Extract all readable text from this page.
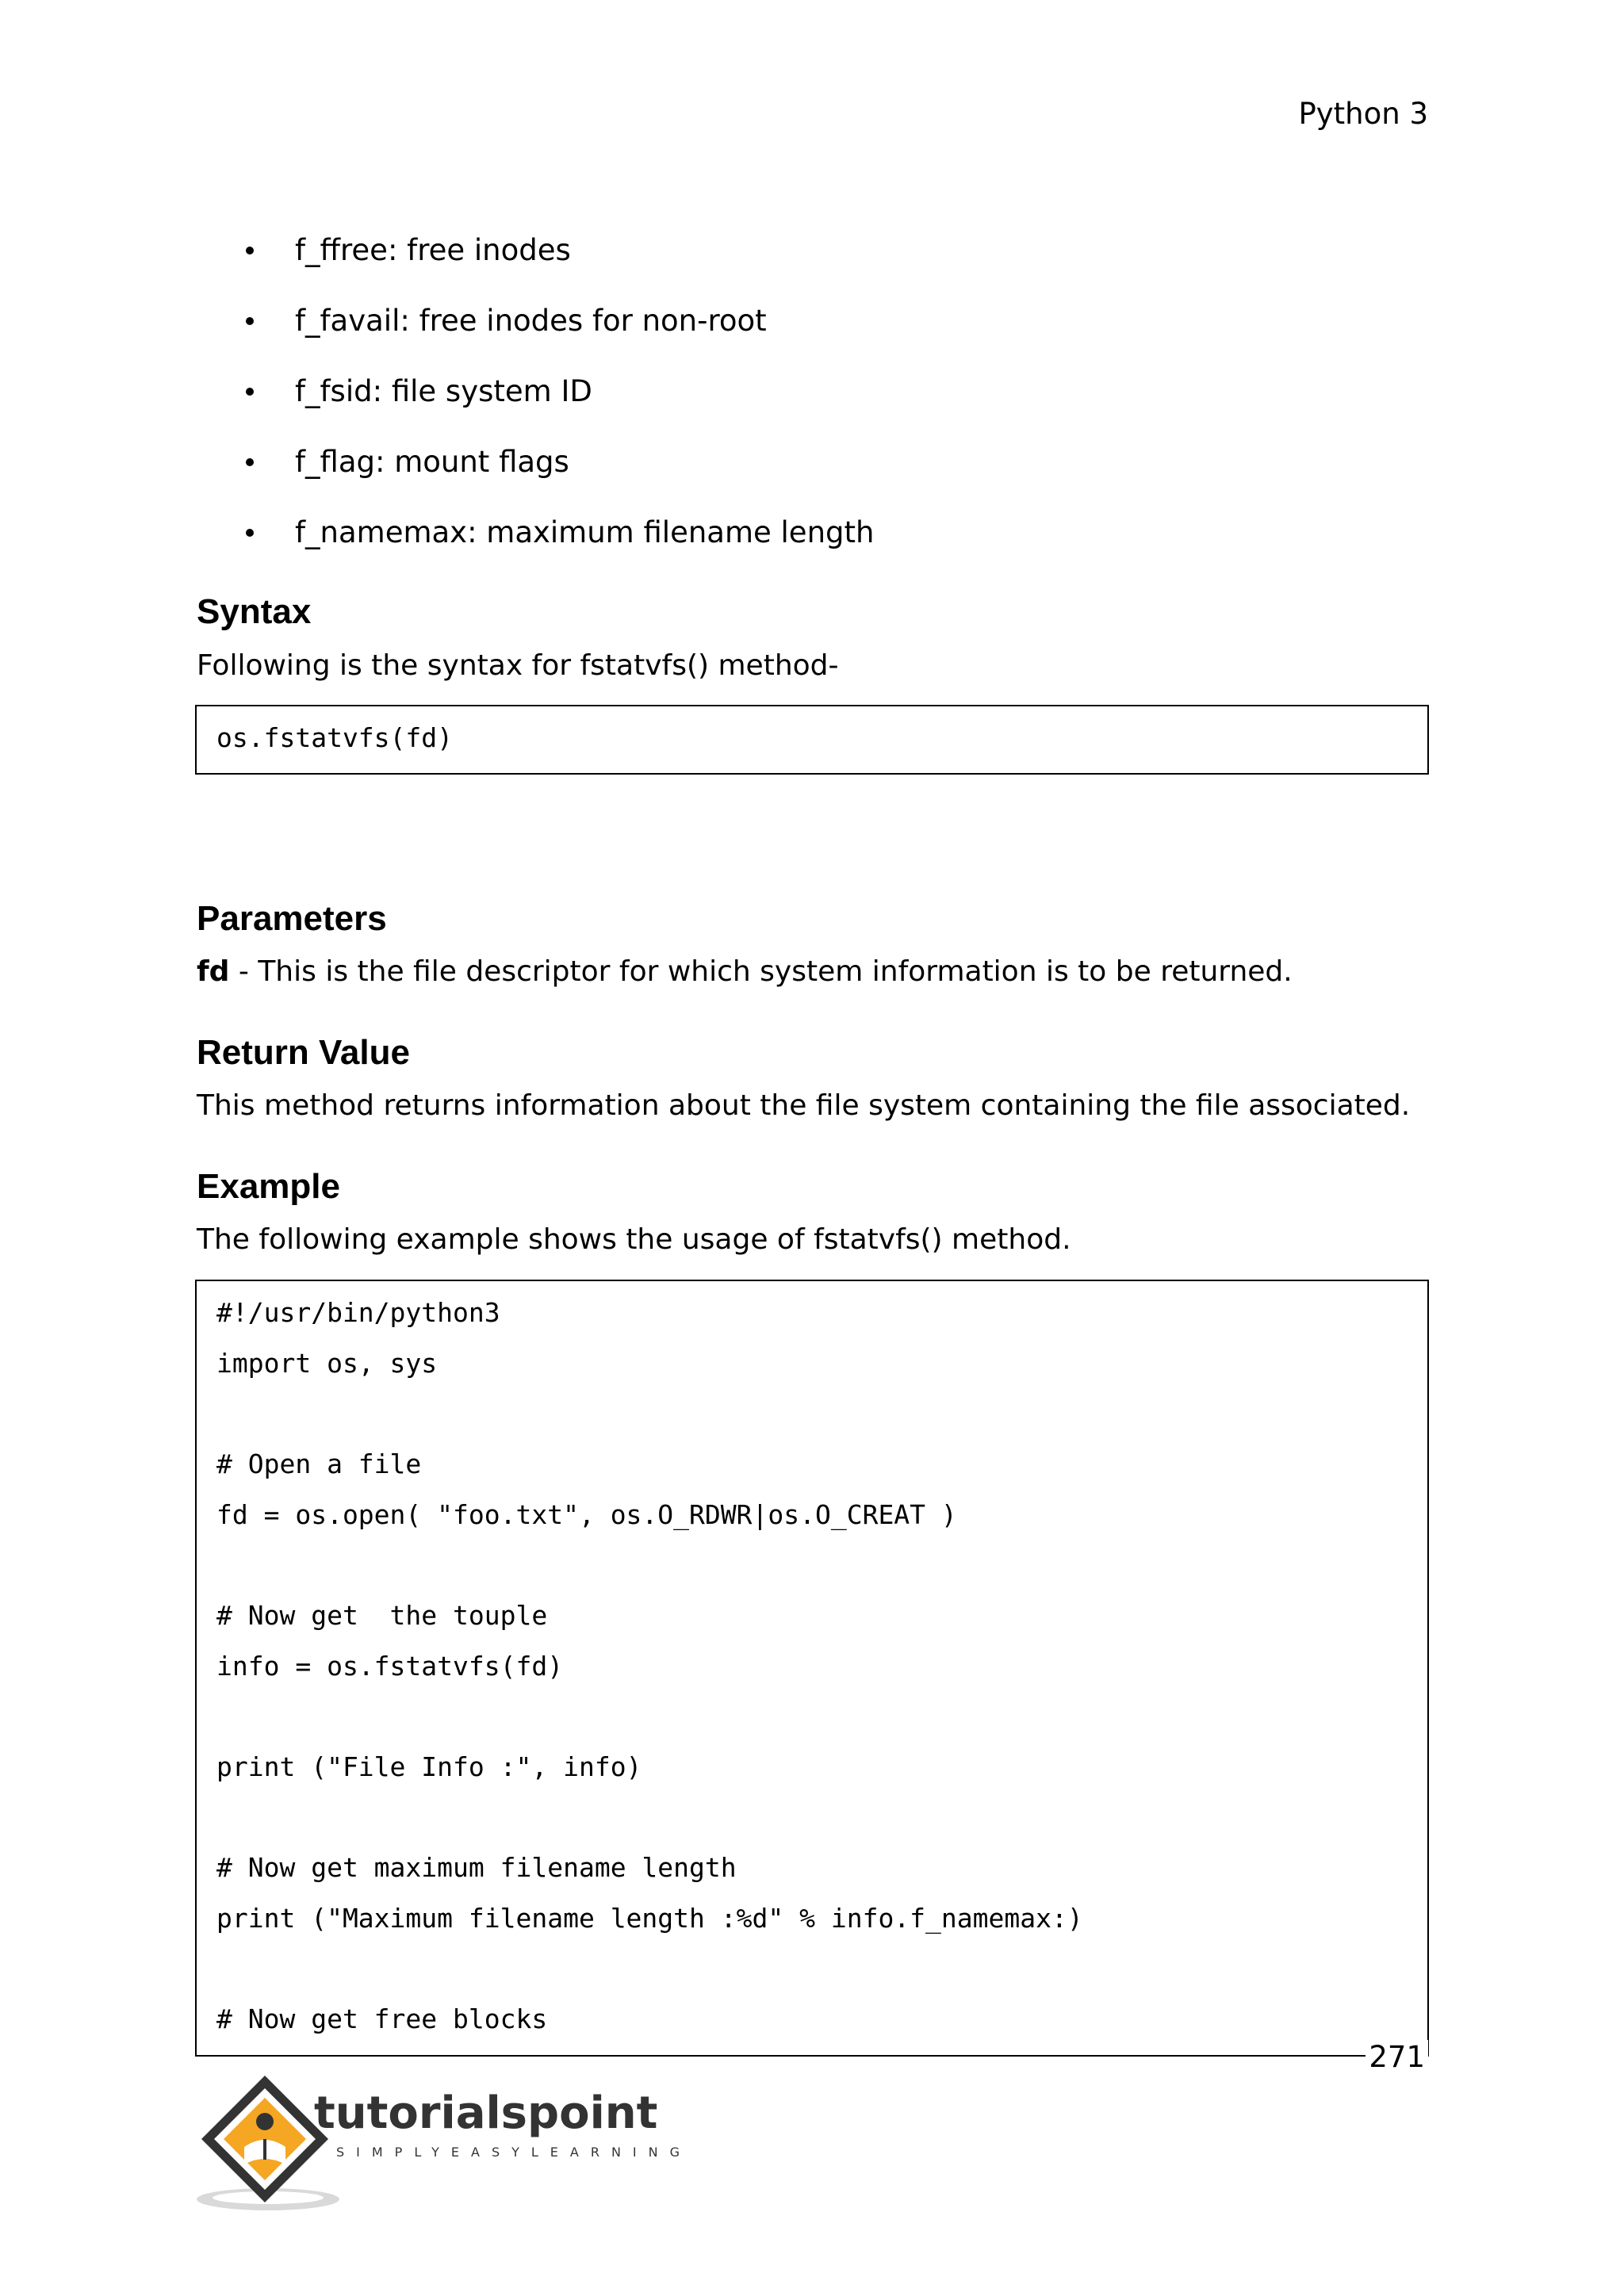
Python 3
f_ffree: free inodes
f_favail: free inodes for non-root
f_fsid: file system ID
f_flag: mount flags
f_namemax: maximum filename length
Syntax
Following is the syntax for fstatvfs() method-
os.fstatvfs(fd)
Parameters
fd - This is the file descriptor for which system information is to be returned.
Return Value
This method returns information about the file system containing the file associated.
Example
The following example shows the usage of fstatvfs() method.
#!/usr/bin/python3
import os, sys
# Open a file
fd = os.open( "foo.txt", os.O_RDWR|os.O_CREAT )
# Now get  the touple
info = os.fstatvfs(fd)
print ("File Info :", info)
# Now get maximum filename length
print ("Maximum filename length :%d" % info.f_namemax:)
# Now get free blocks
271
tutorialspoint
SIMPLYEASYLEARNING
